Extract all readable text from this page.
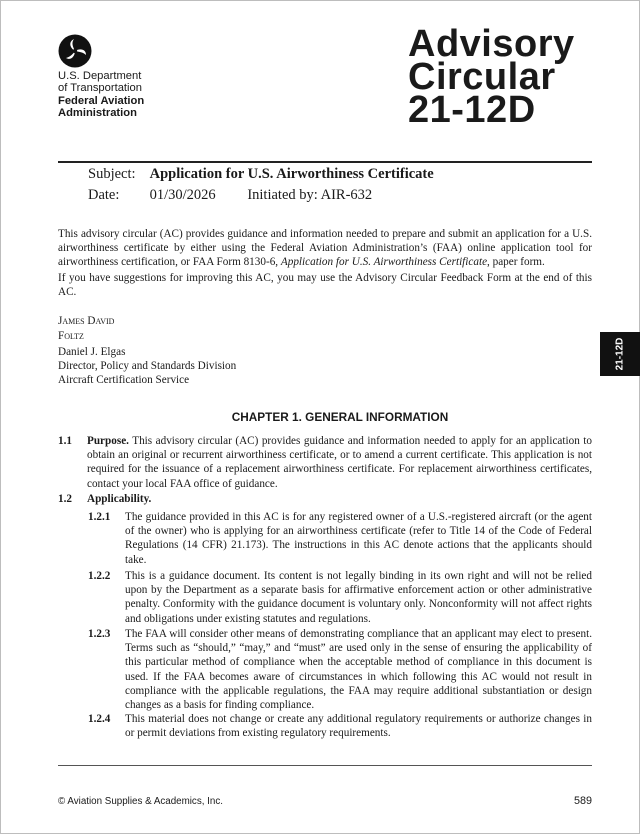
U.S. Department
of Transportation
Federal Aviation
Administration
Advisory
Circular
21-12D
Subject: Application for U.S. Airworthiness Certificate
Date: 01/30/2026 Initiated by: AIR-632
This advisory circular (AC) provides guidance and information needed to prepare and submit an application for a U.S. airworthiness certificate by either using the Federal Aviation Administration’s (FAA) online application tool for airworthiness certification, or FAA Form 8130-6, Application for U.S. Airworthiness Certificate, paper form.
If you have suggestions for improving this AC, you may use the Advisory Circular Feedback Form at the end of this AC.
James David
Foltz
Daniel J. Elgas
Director, Policy and Standards Division
Aircraft Certification Service
21-12D
CHAPTER 1. GENERAL INFORMATION
1.1 Purpose. This advisory circular (AC) provides guidance and information needed to apply for an application to obtain an original or recurrent airworthiness certificate, or to amend a current certificate. This application is not required for the issuance of a replacement airworthiness certificate. For replacement airworthiness certificates, contact your local FAA office of guidance.
1.2 Applicability.
1.2.1 The guidance provided in this AC is for any registered owner of a U.S.-registered aircraft (or the agent of the owner) who is applying for an airworthiness certificate (refer to Title 14 of the Code of Federal Regulations (14 CFR) 21.173). The instructions in this AC denote actions that the applicants should take.
1.2.2 This is a guidance document. Its content is not legally binding in its own right and will not be relied upon by the Department as a separate basis for affirmative enforcement action or other administrative penalty. Conformity with the guidance document is voluntary only. Nonconformity will not affect rights and obligations under existing statutes and regulations.
1.2.3 The FAA will consider other means of demonstrating compliance that an applicant may elect to present. Terms such as “should,” “may,” and “must” are used only in the sense of ensuring the applicability of this particular method of compliance when the acceptable method of compliance in this document is used. If the FAA becomes aware of circumstances in which following this AC would not result in compliance with the applicable regulations, the FAA may require additional substantiation or design changes as a basis for finding compliance.
1.2.4 This material does not change or create any additional regulatory requirements or authorize changes in or permit deviations from existing regulatory requirements.
© Aviation Supplies & Academics, Inc.	589
